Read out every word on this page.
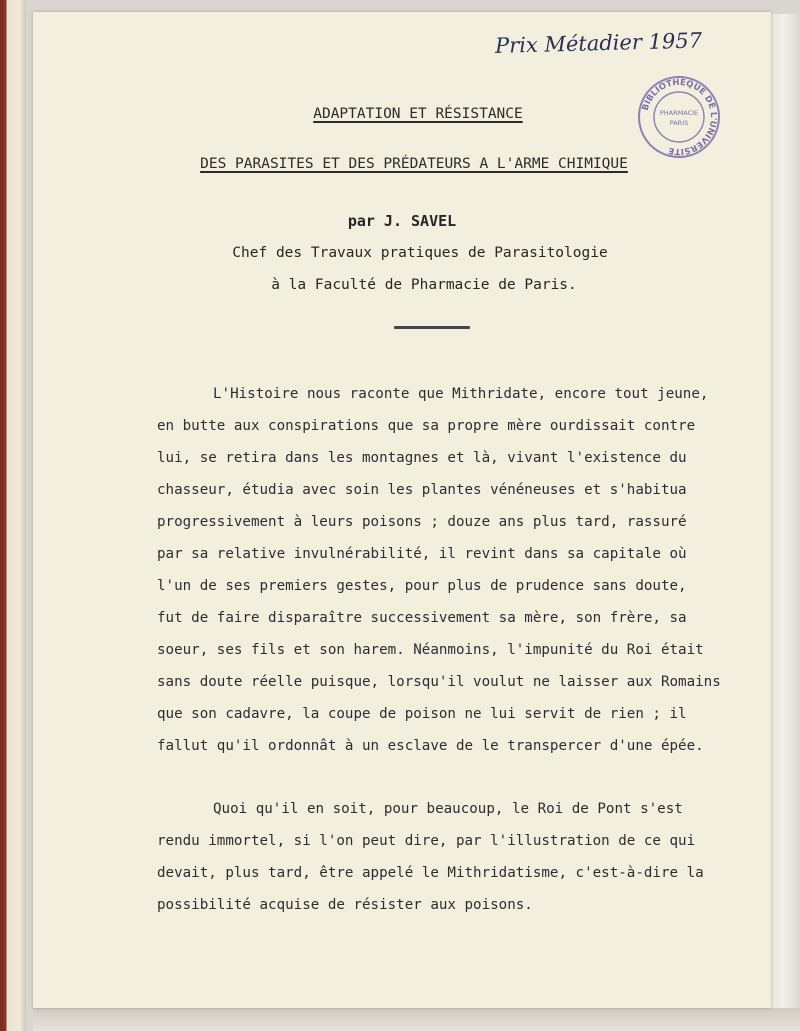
Prix Métadier 1957
BIBLIOTHÈQUE DE L'UNIVERSITÉ
PHARMACIE
PARIS
ADAPTATION ET RÉSISTANCE
DES PARASITES ET DES PRÉDATEURS A L'ARME CHIMIQUE
par J. SAVEL
Chef des Travaux pratiques de Parasitologie
à la Faculté de Pharmacie de Paris.
L'Histoire nous raconte que Mithridate, encore tout jeune,
en butte aux conspirations que sa propre mère ourdissait contre
lui, se retira dans les montagnes et là, vivant l'existence du
chasseur, étudia avec soin les plantes vénéneuses et s'habitua
progressivement à leurs poisons ; douze ans plus tard, rassuré
par sa relative invulnérabilité, il revint dans sa capitale où
l'un de ses premiers gestes, pour plus de prudence sans doute,
fut de faire disparaître successivement sa mère, son frère, sa
soeur, ses fils et son harem. Néanmoins, l'impunité du Roi était
sans doute réelle puisque, lorsqu'il voulut ne laisser aux Romains
que son cadavre, la coupe de poison ne lui servit de rien ; il
fallut qu'il ordonnât à un esclave de le transpercer d'une épée.
Quoi qu'il en soit, pour beaucoup, le Roi de Pont s'est
rendu immortel, si l'on peut dire, par l'illustration de ce qui
devait, plus tard, être appelé le Mithridatisme, c'est-à-dire la
possibilité acquise de résister aux poisons.
